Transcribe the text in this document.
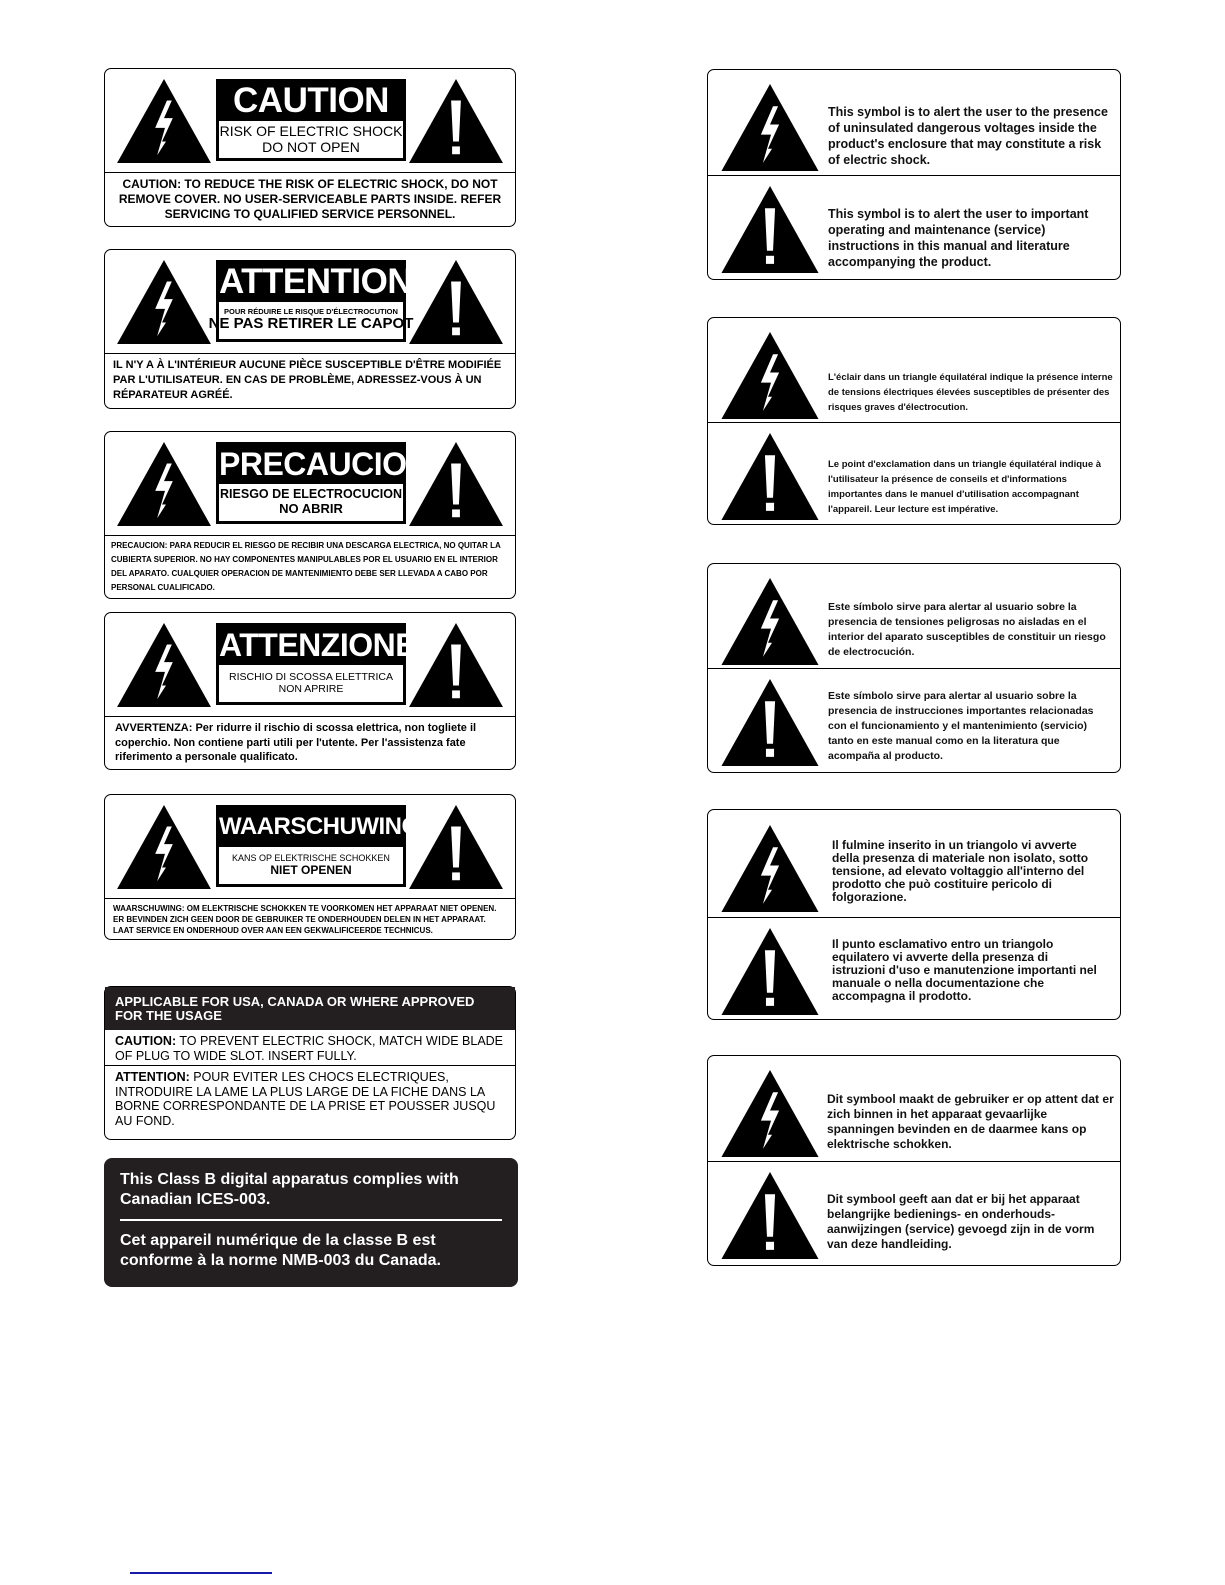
CAUTION
RISK OF ELECTRIC SHOCK
DO NOT OPEN
CAUTION: TO REDUCE THE RISK OF ELECTRIC SHOCK, DO NOT REMOVE COVER. NO USER-SERVICEABLE PARTS INSIDE. REFER SERVICING TO QUALIFIED SERVICE PERSONNEL.
ATTENTION
POUR RÉDUIRE LE RISQUE D'ÉLECTROCUTION
NE PAS RETIRER LE CAPOT
IL N'Y A À L'INTÉRIEUR AUCUNE PIÈCE SUSCEPTIBLE D'ÊTRE MODIFIÉE PAR L'UTILISATEUR. EN CAS DE PROBLÈME, ADRESSEZ-VOUS À UN RÉPARATEUR AGRÉÉ.
PRECAUCION
RIESGO DE ELECTROCUCION
NO ABRIR
PRECAUCION: PARA REDUCIR EL RIESGO DE RECIBIR UNA DESCARGA ELECTRICA, NO QUITAR LA CUBIERTA SUPERIOR. NO HAY COMPONENTES MANIPULABLES POR EL USUARIO EN EL INTERIOR DEL APARATO. CUALQUIER OPERACION DE MANTENIMIENTO DEBE SER LLEVADA A CABO POR PERSONAL CUALIFICADO.
ATTENZIONE
RISCHIO DI SCOSSA ELETTRICA
NON APRIRE
AVVERTENZA: Per ridurre il rischio di scossa elettrica, non togliete il coperchio. Non contiene parti utili per l'utente. Per l'assistenza fate riferimento a personale qualificato.
WAARSCHUWING
KANS OP ELEKTRISCHE SCHOKKEN
NIET OPENEN
WAARSCHUWING: OM ELEKTRISCHE SCHOKKEN TE VOORKOMEN HET APPARAAT NIET OPENEN. ER BEVINDEN ZICH GEEN DOOR DE GEBRUIKER TE ONDERHOUDEN DELEN IN HET APPARAAT. LAAT SERVICE EN ONDERHOUD OVER AAN EEN GEKWALIFICEERDE TECHNICUS.
APPLICABLE FOR USA, CANADA OR WHERE APPROVED FOR THE USAGE
CAUTION: TO PREVENT ELECTRIC SHOCK, MATCH WIDE BLADE OF PLUG TO WIDE SLOT. INSERT FULLY.
ATTENTION: POUR EVITER LES CHOCS ELECTRIQUES, INTRODUIRE LA LAME LA PLUS LARGE DE LA FICHE DANS LA BORNE CORRESPONDANTE DE LA PRISE ET POUSSER JUSQU AU FOND.
This Class B digital apparatus complies with Canadian ICES-003.
Cet appareil numérique de la classe B est conforme à la norme NMB-003 du Canada.
This symbol is to alert the user to the presence of uninsulated dangerous voltages inside the product's enclosure that may constitute a risk of electric shock.
This symbol is to alert the user to important operating and maintenance (service) instructions in this manual and literature accompanying the product.
L'éclair dans un triangle équilatéral indique la présence interne de tensions électriques élevées susceptibles de présenter des risques graves d'électrocution.
Le point d'exclamation dans un triangle équilatéral indique à l'utilisateur la présence de conseils et d'informations importantes dans le manuel d'utilisation accompagnant l'appareil. Leur lecture est impérative.
Este símbolo sirve para alertar al usuario sobre la presencia de tensiones peligrosas no aisladas en el interior del aparato susceptibles de constituir un riesgo de electrocución.
Este símbolo sirve para alertar al usuario sobre la presencia de instrucciones importantes relacionadas con el funcionamiento y el mantenimiento (servicio) tanto en este manual como en la literatura que acompaña al producto.
Il fulmine inserito in un triangolo vi avverte della presenza di materiale non isolato, sotto tensione, ad elevato voltaggio all'interno del prodotto che può costituire pericolo di folgorazione.
Il punto esclamativo entro un triangolo equilatero vi avverte della presenza di istruzioni d'uso e manutenzione importanti nel manuale o nella documentazione che accompagna il prodotto.
Dit symbool maakt de gebruiker er op attent dat er zich binnen in het apparaat gevaarlijke spanningen bevinden en de daarmee kans op elektrische schokken.
Dit symbool geeft aan dat er bij het apparaat belangrijke bedienings- en onderhouds-aanwijzingen (service) gevoegd zijn in de vorm van deze handleiding.
